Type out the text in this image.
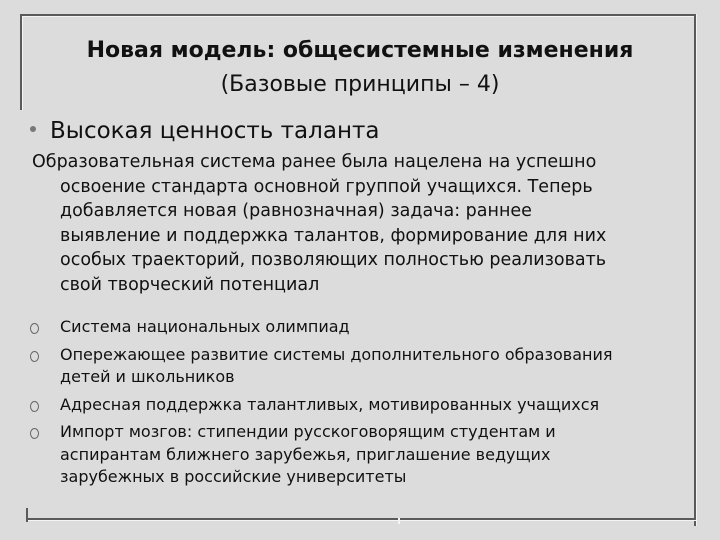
Новая модель: общесистемные изменения
(Базовые принципы – 4)
Высокая ценность таланта
Образовательная система ранее была нацелена на успешно
освоение стандарта основной группой учащихся. Теперь
добавляется новая (равнозначная) задача: раннее
выявление и поддержка талантов, формирование для них
особых траекторий, позволяющих полностью реализовать
свой творческий потенциал
Система национальных олимпиад
Опережающее развитие системы дополнительного образования
детей и школьников
Адресная поддержка талантливых, мотивированных учащихся
Импорт мозгов: стипендии русскоговорящим студентам и
аспирантам ближнего зарубежья, приглашение ведущих
зарубежных в российские университеты
